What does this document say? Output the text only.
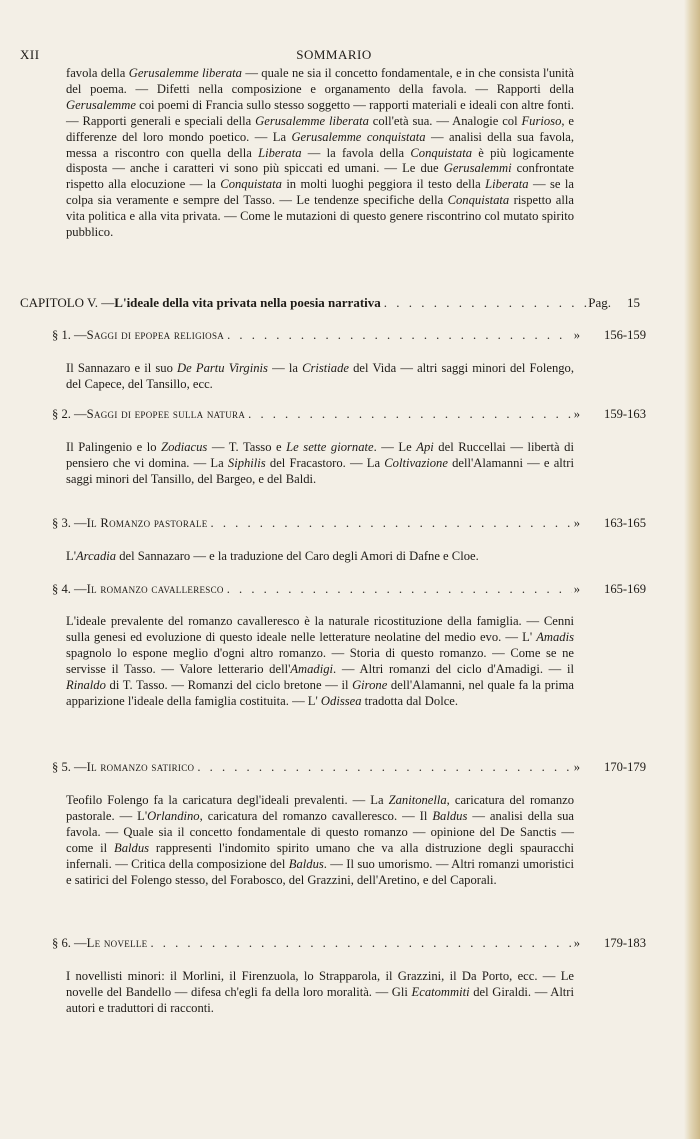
XII	SOMMARIO

favola della Gerusalemme liberata — quale ne sia il concetto fondamentale, e in che consista l'unità del poema. — Difetti nella composizione e organamento della favola. — Rapporti della Gerusalemme coi poemi di Francia sullo stesso soggetto — rapporti materiali e ideali con altre fonti. — Rapporti generali e speciali della Gerusalemme liberata coll'età sua. — Analogie col Furioso, e differenze del loro mondo poetico. — La Gerusalemme conquistata — analisi della sua favola, messa a riscontro con quella della Liberata — la favola della Conquistata è più logicamente disposta — anche i caratteri vi sono più spiccati ed umani. — Le due Gerusalemmi confrontate rispetto alla elocuzione — la Conquistata in molti luoghi peggiora il testo della Liberata — se la colpa sia veramente e sempre del Tasso. — Le tendenze specifiche della Conquistata rispetto alla vita politica e alla vita privata. — Come le mutazioni di questo genere riscontrino col mutato spirito pubblico.

CAPITOLO V. — L'ideale della vita privata nella poesia narrativa . . .	Pag. 15
§ 1. — Saggi di epopea religiosa . . .	»	156-159

Il Sannazaro e il suo De Partu Virginis — la Cristiade del Vida — altri saggi minori del Folengo, del Capece, del Tansillo, ecc.

§ 2. — Saggi di epopee sulla natura . . .	»	159-163

Il Palingenio e lo Zodiacus — T. Tasso e Le sette giornate. — Le Api del Ruccellai — libertà di pensiero che vi domina. — La Siphilis del Fracastoro. — La Coltivazione dell'Alamanni — e altri saggi minori del Tansillo, del Bargeo, e del Baldi.

§ 3. — Il Romanzo pastorale . . .	»	163-165

L'Arcadia del Sannazaro — e la traduzione del Caro degli Amori di Dafne e Cloe.

§ 4. — Il romanzo cavalleresco . . .	»	165-169

L'ideale prevalente del romanzo cavalleresco è la naturale ricostituzione della famiglia. — Cenni sulla genesi ed evoluzione di questo ideale nelle letterature neolatine del medio evo. — L' Amadis spagnolo lo espone meglio d'ogni altro romanzo. — Storia di questo romanzo. — Come se ne servisse il Tasso. — Valore letterario dell'Amadigi. — Altri romanzi del ciclo d'Amadigi. — il Rinaldo di T. Tasso. — Romanzi del ciclo bretone — il Girone dell'Alamanni, nel quale fa la prima apparizione l'ideale della famiglia costituita. — L' Odissea tradotta dal Dolce.

§ 5. — Il romanzo satirico . . .	»	170-179

Teofilo Folengo fa la caricatura degl'ideali prevalenti. — La Zanitonella, caricatura del romanzo pastorale. — L'Orlandino, caricatura del romanzo cavalleresco. — Il Baldus — analisi della sua favola. — Quale sia il concetto fondamentale di questo romanzo — opinione del De Sanctis — come il Baldus rappresenti l'indomito spirito umano che va alla distruzione degli spauracchi infernali. — Critica della composizione del Baldus. — Il suo umorismo. — Altri romanzi umoristici e satirici del Folengo stesso, del Forabosco, del Grazzini, dell'Aretino, e del Caporali.

§ 6. — Le novelle . . .	»	179-183

I novellisti minori: il Morlini, il Firenzuola, lo Strapparola, il Grazzini, il Da Porto, ecc. — Le novelle del Bandello — difesa ch'egli fa della loro moralità. — Gli Ecatommiti del Giraldi. — Altri autori e traduttori di racconti.
